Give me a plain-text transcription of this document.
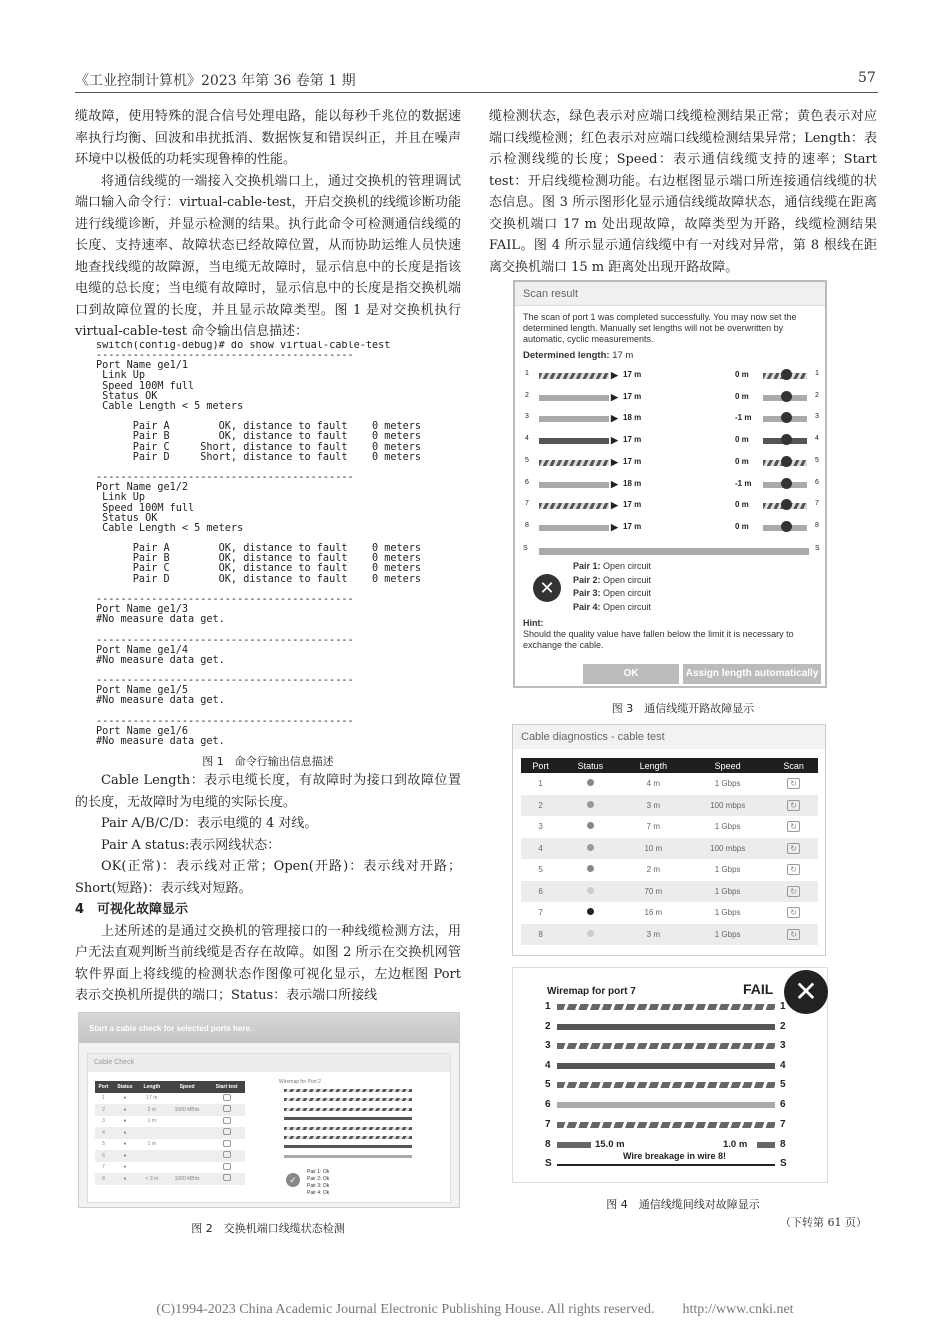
《工业控制计算机》2023 年第 36 卷第 1 期	57

缆故障，使用特殊的混合信号处理电路，能以每秒千兆位的数据速率执行均衡、回波和串扰抵消、数据恢复和错误纠正，并且在噪声环境中以极低的功耗实现鲁棒的性能。

将通信线缆的一端接入交换机端口上，通过交换机的管理调试端口输入命令行：virtual-cable-test，开启交换机的线缆诊断功能进行线缆诊断，并显示检测的结果。执行此命令可检测通信线缆的长度、支持速率、故障状态已经故障位置，从而协助运维人员快速地查找线缆的故障源，当电缆无故障时，显示信息中的长度是指该电缆的总长度；当电缆有故障时，显示信息中的长度是指交换机端口到故障位置的长度，并且显示故障类型。图 1 是对交换机执行 virtual-cable-test 命令输出信息描述：

switch(config-debug)# do show virtual-cable-test
------------------------------------------
Port Name ge1/1
Link Up
Speed 100M full
Status OK
Cable Length < 5 meters

Pair A        OK, distance to fault    0 meters
Pair B        OK, distance to fault    0 meters
Pair C     Short, distance to fault    0 meters
Pair D     Short, distance to fault    0 meters

------------------------------------------
Port Name ge1/2
Link Up
Speed 100M full
Status OK
Cable Length < 5 meters

Pair A        OK, distance to fault    0 meters
Pair B        OK, distance to fault    0 meters
Pair C        OK, distance to fault    0 meters
Pair D        OK, distance to fault    0 meters

------------------------------------------
Port Name ge1/3
#No measure data get.

------------------------------------------
Port Name ge1/4
#No measure data get.

------------------------------------------
Port Name ge1/5
#No measure data get.

------------------------------------------
Port Name ge1/6
#No measure data get.
图 1　命令行输出信息描述

Cable Length：表示电缆长度，有故障时为接口到故障位置的长度，无故障时为电缆的实际长度。

Pair A/B/C/D：表示电缆的 4 对线。

Pair A status:表示网线状态：

OK(正常)：表示线对正常；Open(开路)：表示线对开路；Short(短路)：表示线对短路。

4　可视化故障显示

上述所述的是通过交换机的管理接口的一种线缆检测方法，用户无法直观判断当前线缆是否存在故障。如图 2 所示在交换机网管软件界面上将线缆的检测状态作图像可视化显示，左边框图 Port 表示交换机所提供的端口；Status：表示端口所接线

Start a cable check for selected ports here.
Cable Check
Port	Status	Length	Speed	Start test
1	●	17 m		
2	●	2 m	1000 MBits	
3	●	1 m		
4	●			
5	●	1 m		
6	●			
7	●			
8	●	< 3 m	1000 MBits	
Wiremap for Port 2
✓
Pair 1: Ok
Pair 2: Ok
Pair 3: Ok
Pair 4: Ok
图 2　交换机端口线缆状态检测

缆检测状态，绿色表示对应端口线缆检测结果正常；黄色表示对应端口线缆检测；红色表示对应端口线缆检测结果异常；Length：表示检测线缆的长度；Speed：表示通信线缆支持的速率；Start test：开启线缆检测功能。右边框图显示端口所连接通信线缆的状态信息。图 3 所示图形化显示通信线缆故障状态，通信线缆在距离交换机端口 17 m 处出现故障，故障类型为开路，线缆检测结果 FAIL。图 4 所示显示通信线缆中有一对线对异常，第 8 根线在距离交换机端口 15 m 距离处出现开路故障。

Scan result
The scan of port 1 was completed successfully. You may now set the determined length. Manually set lengths will not be overwritten by automatic, cyclic measurements.
Determined length: 17 m
1	▶ 17 m	0 m	1
2	▶ 17 m	0 m	2
3	▶ 18 m	-1 m	3
4	▶ 17 m	0 m	4
5	▶ 17 m	0 m	5
6	▶ 18 m	-1 m	6
7	▶ 17 m	0 m	7
8	▶ 17 m	0 m	8
S	S
✕
Pair 1: Open circuit
Pair 2: Open circuit
Pair 3: Open circuit
Pair 4: Open circuit
Hint:
Should the quality value have fallen below the limit it is necessary to exchange the cable.
OK	Assign length automatically
图 3　通信线缆开路故障显示
Cable diagnostics - cable test
Port	Status	Length	Speed	Scan
1		4 m	1 Gbps	↻
2		3 m	100 mbps	↻
3		7 m	1 Gbps	↻
4		10 m	100 mbps	↻
5		2 m	1 Gbps	↻
6		70 m	1 Gbps	↻
7		16 m	1 Gbps	↻
8		3 m	1 Gbps	↻
Wiremap for port 7	FAIL ✕
1	1
2	2
3	3
4	4
5	5
6	6
7	7
8	15.0 m	1.0 m	8
Wire breakage in wire 8!
S	S
图 4　通信线缆间线对故障显示
（下转第 61 页）
(C)1994-2023 China Academic Journal Electronic Publishing House. All rights reserved.　　http://www.cnki.net
